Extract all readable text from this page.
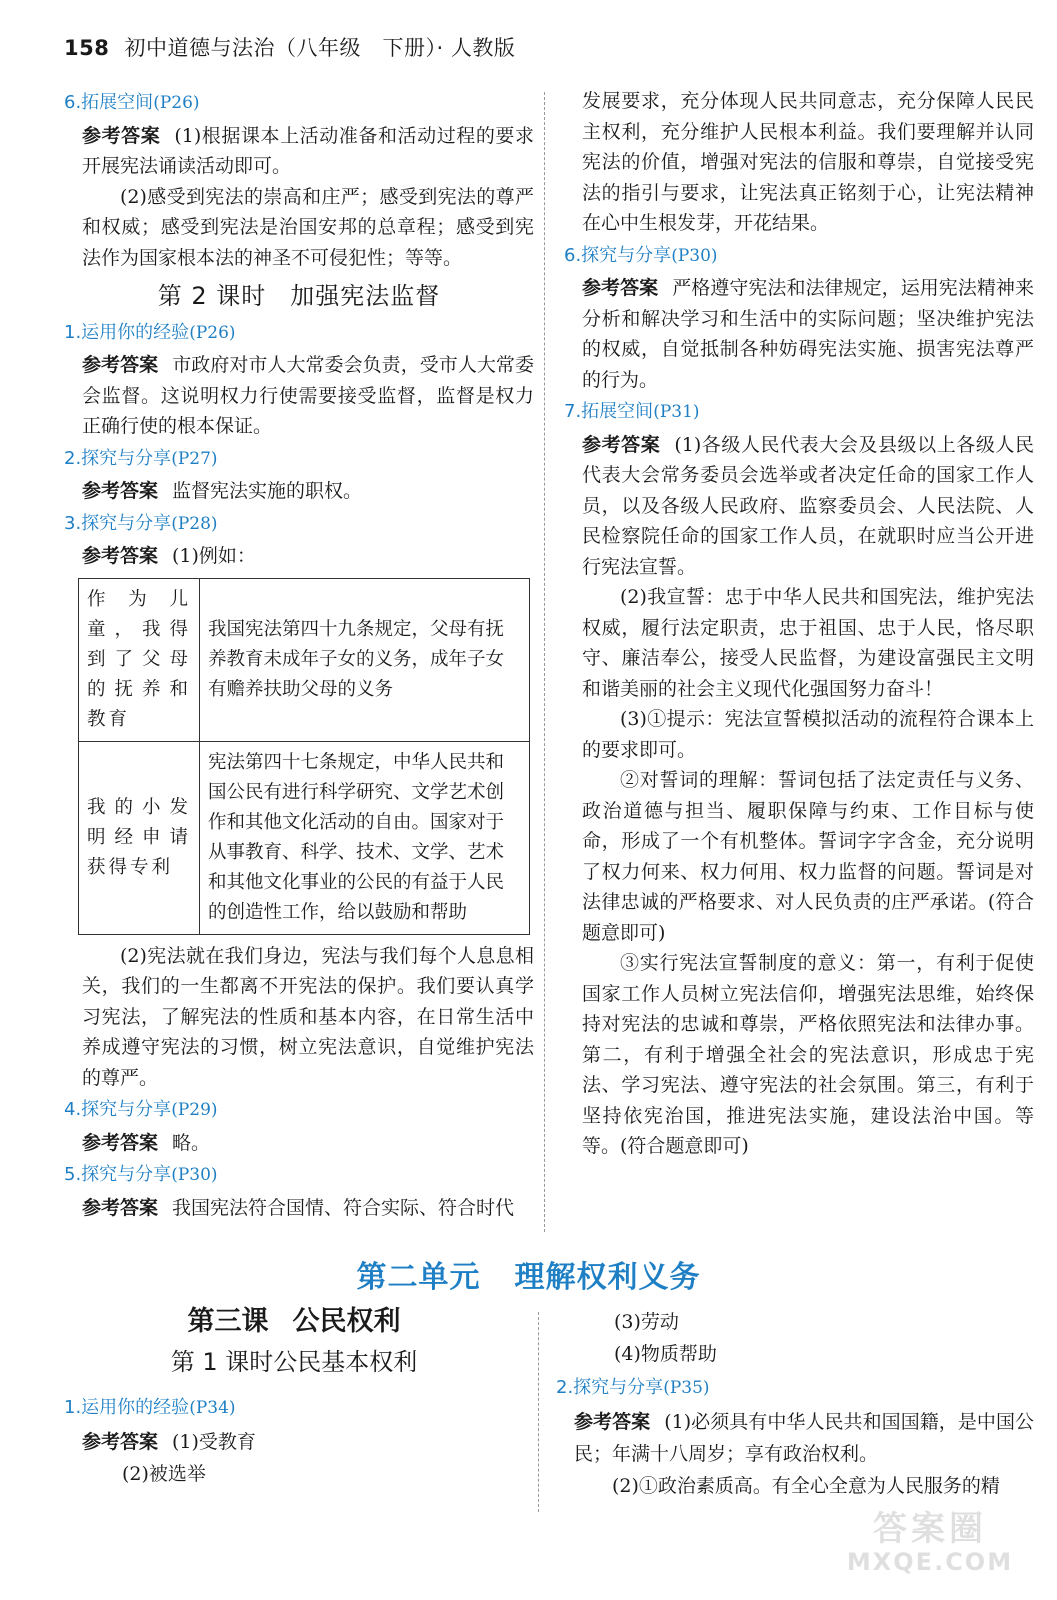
158 初中道德与法治（八年级　下册）· 人教版
6.拓展空间(P26)
参考答案 (1)根据课本上活动准备和活动过程的要求开展宪法诵读活动即可。
(2)感受到宪法的崇高和庄严；感受到宪法的尊严和权威；感受到宪法是治国安邦的总章程；感受到宪法作为国家根本法的神圣不可侵犯性；等等。
第 2 课时 加强宪法监督
1.运用你的经验(P26)
参考答案 市政府对市人大常委会负责，受市人大常委会监督。这说明权力行使需要接受监督，监督是权力正确行使的根本保证。
2.探究与分享(P27)
参考答案 监督宪法实施的职权。
3.探究与分享(P28)
参考答案 (1)例如：
作为儿童，我得到了父母的抚养和教育	我国宪法第四十九条规定，父母有抚养教育未成年子女的义务，成年子女有赡养扶助父母的义务
我的小发明经申请获得专利	宪法第四十七条规定，中华人民共和国公民有进行科学研究、文学艺术创作和其他文化活动的自由。国家对于从事教育、科学、技术、文学、艺术和其他文化事业的公民的有益于人民的创造性工作，给以鼓励和帮助
(2)宪法就在我们身边，宪法与我们每个人息息相关，我们的一生都离不开宪法的保护。我们要认真学习宪法，了解宪法的性质和基本内容，在日常生活中养成遵守宪法的习惯，树立宪法意识，自觉维护宪法的尊严。
4.探究与分享(P29)
参考答案 略。
5.探究与分享(P30)
参考答案 我国宪法符合国情、符合实际、符合时代
发展要求，充分体现人民共同意志，充分保障人民民主权利，充分维护人民根本利益。我们要理解并认同宪法的价值，增强对宪法的信服和尊崇，自觉接受宪法的指引与要求，让宪法真正铭刻于心，让宪法精神在心中生根发芽，开花结果。
6.探究与分享(P30)
参考答案 严格遵守宪法和法律规定，运用宪法精神来分析和解决学习和生活中的实际问题；坚决维护宪法的权威，自觉抵制各种妨碍宪法实施、损害宪法尊严的行为。
7.拓展空间(P31)
参考答案 (1)各级人民代表大会及县级以上各级人民代表大会常务委员会选举或者决定任命的国家工作人员，以及各级人民政府、监察委员会、人民法院、人民检察院任命的国家工作人员，在就职时应当公开进行宪法宣誓。
(2)我宣誓：忠于中华人民共和国宪法，维护宪法权威，履行法定职责，忠于祖国、忠于人民，恪尽职守、廉洁奉公，接受人民监督，为建设富强民主文明和谐美丽的社会主义现代化强国努力奋斗！
(3)①提示：宪法宣誓模拟活动的流程符合课本上的要求即可。
②对誓词的理解：誓词包括了法定责任与义务、政治道德与担当、履职保障与约束、工作目标与使命，形成了一个有机整体。誓词字字含金，充分说明了权力何来、权力何用、权力监督的问题。誓词是对法律忠诚的严格要求、对人民负责的庄严承诺。(符合题意即可)
③实行宪法宣誓制度的意义：第一，有利于促使国家工作人员树立宪法信仰，增强宪法思维，始终保持对宪法的忠诚和尊崇，严格依照宪法和法律办事。第二，有利于增强全社会的宪法意识，形成忠于宪法、学习宪法、遵守宪法的社会氛围。第三，有利于坚持依宪治国，推进宪法实施，建设法治中国。等等。(符合题意即可)
第二单元 理解权利义务
第三课 公民权利
第 1 课时公民基本权利
1.运用你的经验(P34)
参考答案 (1)受教育
(2)被选举
(3)劳动
(4)物质帮助
2.探究与分享(P35)
参考答案 (1)必须具有中华人民共和国国籍，是中国公民；年满十八周岁；享有政治权利。
(2)①政治素质高。有全心全意为人民服务的精
答案圈
MXQE.COM
